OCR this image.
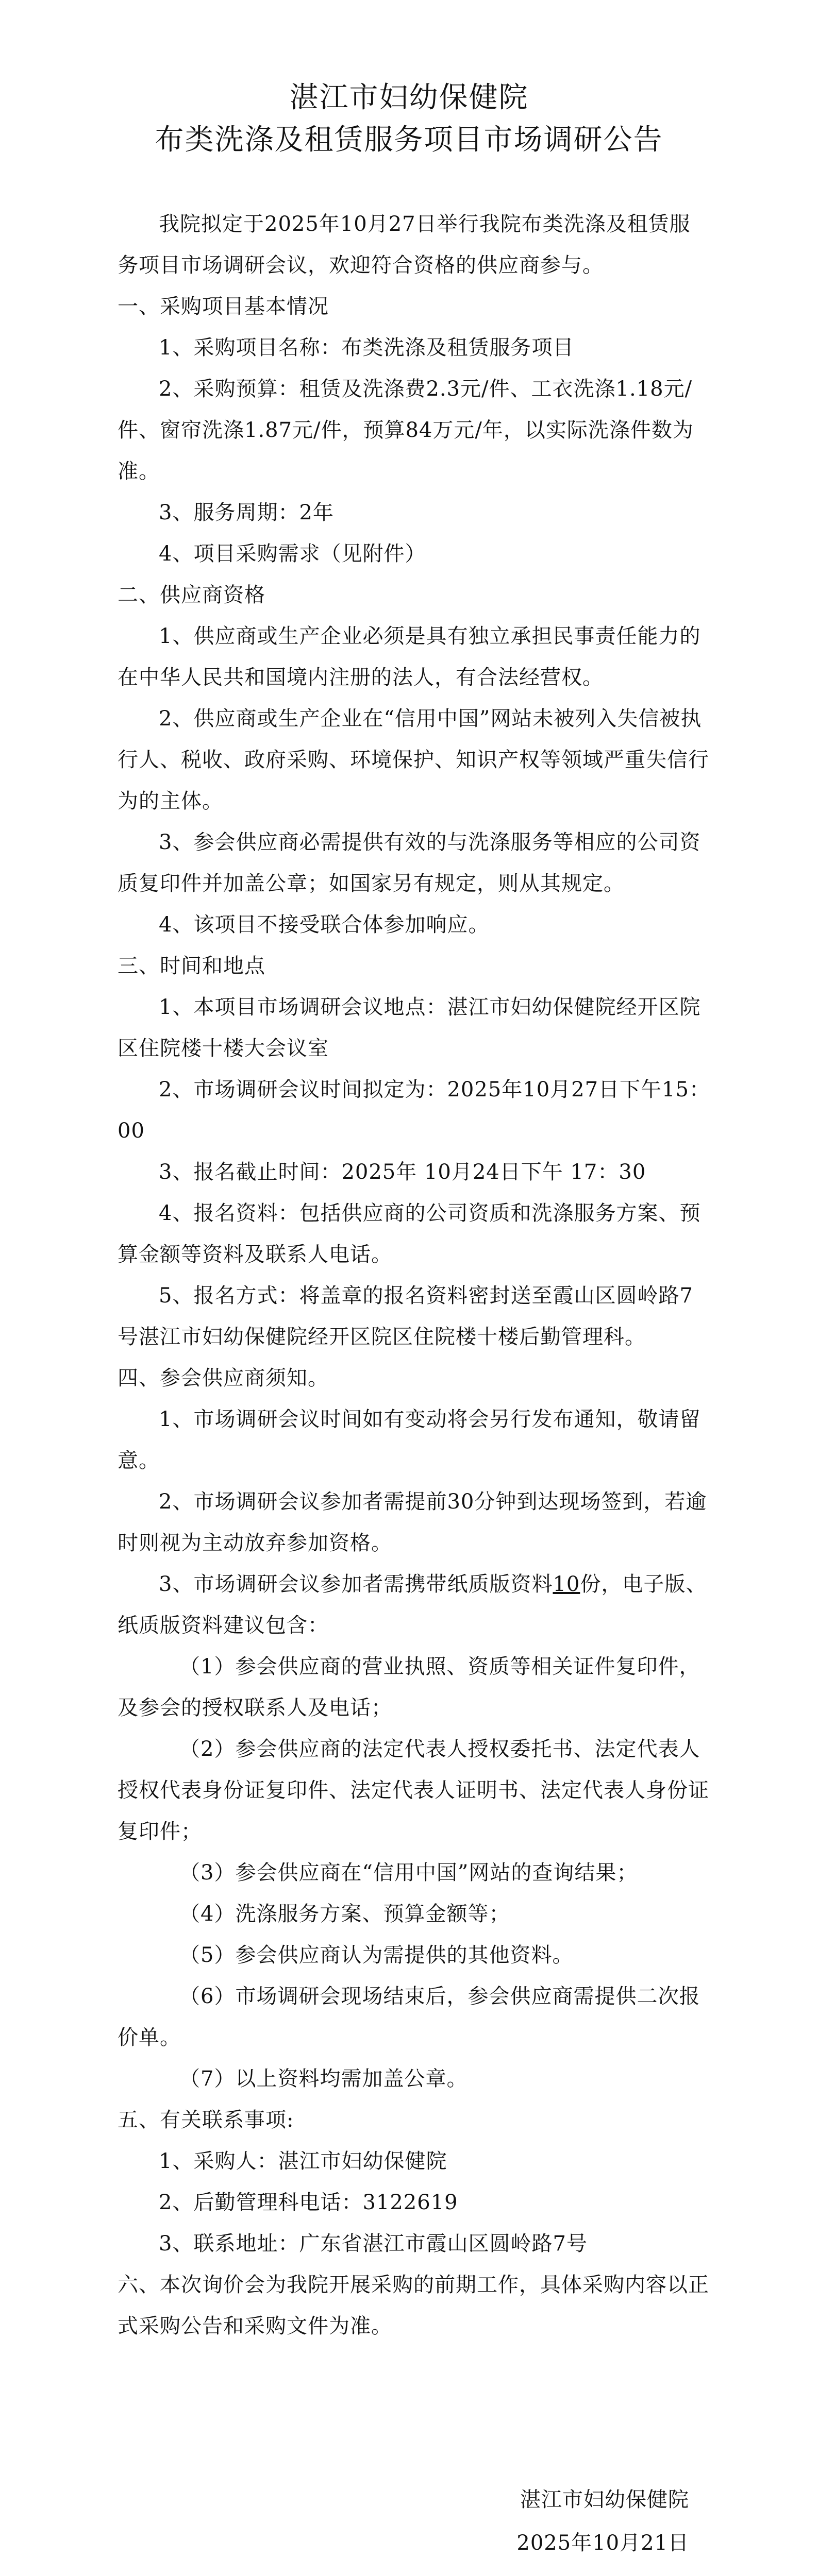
湛江市妇幼保健院
布类洗涤及租赁服务项目市场调研公告

我院拟定于2025年10月27日举行我院布类洗涤及租赁服务项目市场调研会议，欢迎符合资格的供应商参与。

一、采购项目基本情况

1、采购项目名称：布类洗涤及租赁服务项目

2、采购预算：租赁及洗涤费2.3元/件、工衣洗涤1.18元/件、窗帘洗涤1.87元/件，预算84万元/年，以实际洗涤件数为准。

3、服务周期：2年

4、项目采购需求（见附件）

二、供应商资格

1、供应商或生产企业必须是具有独立承担民事责任能力的在中华人民共和国境内注册的法人，有合法经营权。

2、供应商或生产企业在“信用中国”网站未被列入失信被执行人、税收、政府采购、环境保护、知识产权等领域严重失信行为的主体。

3、参会供应商必需提供有效的与洗涤服务等相应的公司资质复印件并加盖公章；如国家另有规定，则从其规定。

4、该项目不接受联合体参加响应。

三、时间和地点

1、本项目市场调研会议地点：湛江市妇幼保健院经开区院区住院楼十楼大会议室

2、市场调研会议时间拟定为：2025年10月27日下午15：00

3、报名截止时间：2025年 10月24日下午 17：30

4、报名资料：包括供应商的公司资质和洗涤服务方案、预算金额等资料及联系人电话。

5、报名方式：将盖章的报名资料密封送至霞山区圆岭路7号湛江市妇幼保健院经开区院区住院楼十楼后勤管理科。

四、参会供应商须知。

1、市场调研会议时间如有变动将会另行发布通知，敬请留意。

2、市场调研会议参加者需提前30分钟到达现场签到，若逾时则视为主动放弃参加资格。

3、市场调研会议参加者需携带纸质版资料10份，电子版、纸质版资料建议包含：

（1）参会供应商的营业执照、资质等相关证件复印件，及参会的授权联系人及电话；

（2）参会供应商的法定代表人授权委托书、法定代表人授权代表身份证复印件、法定代表人证明书、法定代表人身份证复印件；

（3）参会供应商在“信用中国”网站的查询结果；

（4）洗涤服务方案、预算金额等；

（5）参会供应商认为需提供的其他资料。

（6）市场调研会现场结束后，参会供应商需提供二次报价单。

（7）以上资料均需加盖公章。

五、有关联系事项:

1、采购人：湛江市妇幼保健院

2、后勤管理科电话：3122619

3、联系地址：广东省湛江市霞山区圆岭路7号

六、本次询价会为我院开展采购的前期工作，具体采购内容以正式采购公告和采购文件为准。

湛江市妇幼保健院
2025年10月21日
